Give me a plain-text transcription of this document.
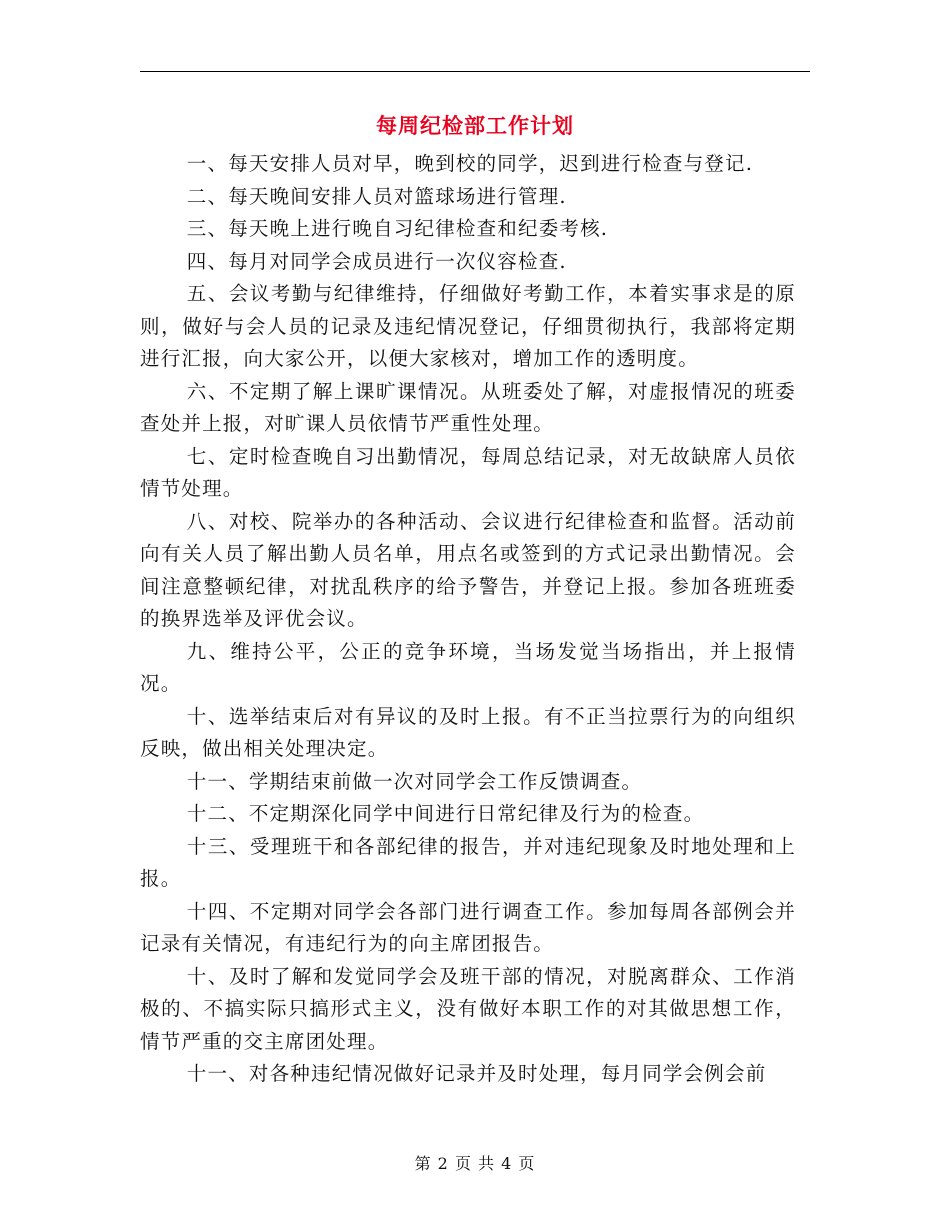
每周纪检部工作计划

一、每天安排人员对早，晚到校的同学，迟到进行检查与登记.

二、每天晚间安排人员对篮球场进行管理.

三、每天晚上进行晚自习纪律检查和纪委考核.

四、每月对同学会成员进行一次仪容检查.

五、会议考勤与纪律维持，仔细做好考勤工作，本着实事求是的原则，做好与会人员的记录及违纪情况登记，仔细贯彻执行，我部将定期进行汇报，向大家公开，以便大家核对，增加工作的透明度。

六、不定期了解上课旷课情况。从班委处了解，对虚报情况的班委查处并上报，对旷课人员依情节严重性处理。

七、定时检查晚自习出勤情况，每周总结记录，对无故缺席人员依情节处理。

八、对校、院举办的各种活动、会议进行纪律检查和监督。活动前向有关人员了解出勤人员名单，用点名或签到的方式记录出勤情况。会间注意整顿纪律，对扰乱秩序的给予警告，并登记上报。参加各班班委的换界选举及评优会议。

九、维持公平，公正的竞争环境，当场发觉当场指出，并上报情况。

十、选举结束后对有异议的及时上报。有不正当拉票行为的向组织反映，做出相关处理决定。

十一、学期结束前做一次对同学会工作反馈调查。

十二、不定期深化同学中间进行日常纪律及行为的检查。

十三、受理班干和各部纪律的报告，并对违纪现象及时地处理和上报。

十四、不定期对同学会各部门进行调查工作。参加每周各部例会并记录有关情况，有违纪行为的向主席团报告。

十、及时了解和发觉同学会及班干部的情况，对脱离群众、工作消极的、不搞实际只搞形式主义，没有做好本职工作的对其做思想工作，情节严重的交主席团处理。

十一、对各种违纪情况做好记录并及时处理，每月同学会例会前

第 2 页 共 4 页
